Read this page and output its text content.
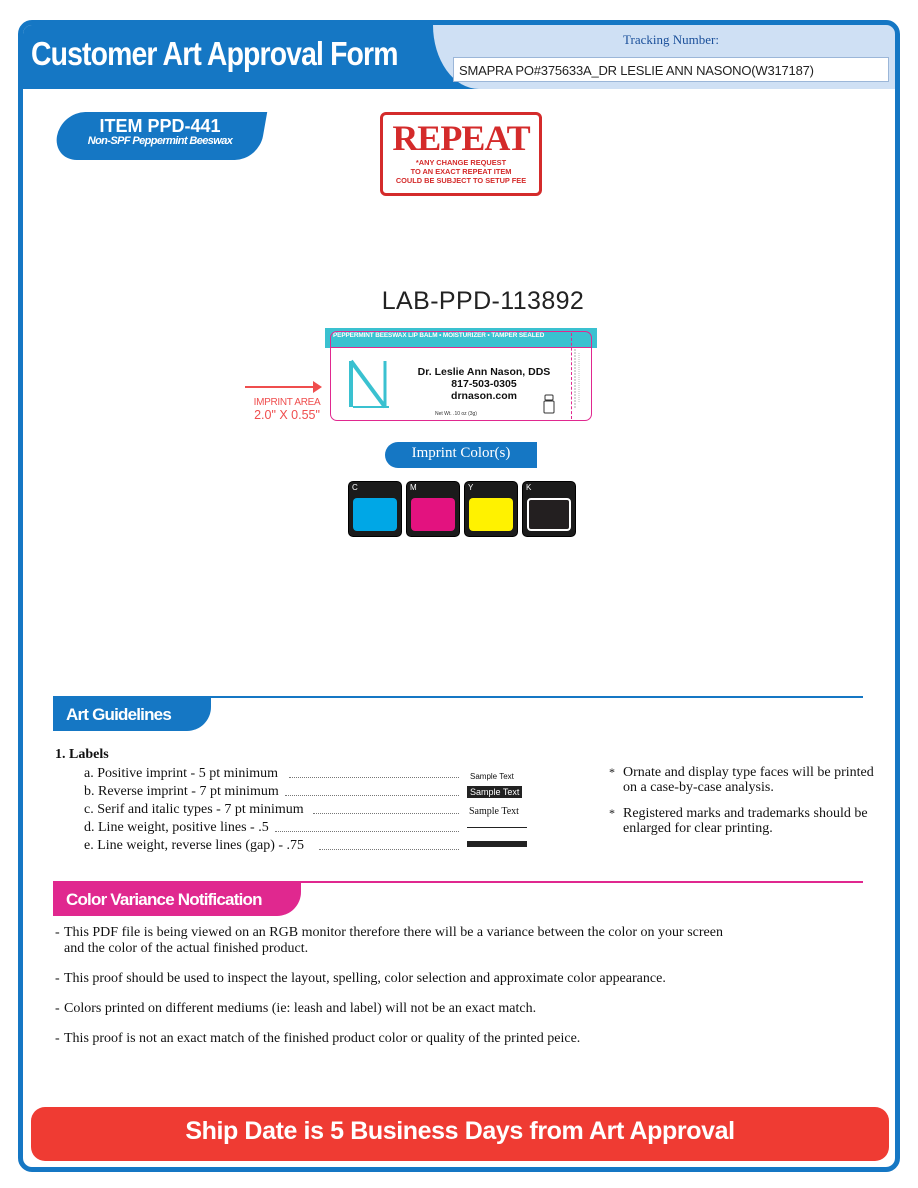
Customer Art Approval Form	Tracking Number:
SMAPRA PO#375633A_DR LESLIE ANN NASONO(W317187)
ITEM PPD-441
Non-SPF Peppermint Beeswax	REPEAT
*ANY CHANGE REQUEST
TO AN EXACT REPEAT ITEM
COULD BE SUBJECT TO SETUP FEE
LAB-PPD-113892
PEPPERMINT BEESWAX LIP BALM • MOISTURIZER • TAMPER SEALED
Dr. Leslie Ann Nason, DDS
817-503-0305
drnason.com
Net Wt. .10 oz (3g)
IMPRINT AREA
2.0" X 0.55"
Imprint Color(s)
C	M	Y	K
Art Guidelines
1. Labels
a. Positive imprint - 5 pt minimum	Sample Text
b. Reverse imprint - 7 pt minimum	Sample Text
c. Serif and italic types - 7 pt minimum	Sample Text
d. Line weight, positive lines - .5
e. Line weight, reverse lines (gap) - .75
* Ornate and display type faces will be printed on a case-by-case analysis.
* Registered marks and trademarks should be enlarged for clear printing.
Color Variance Notification
- This PDF file is being viewed on an RGB monitor therefore there will be a variance between the color on your screen and the color of the actual finished product.
- This proof should be used to inspect the layout, spelling, color selection and approximate color appearance.
- Colors printed on different mediums (ie: leash and label) will not be an exact match.
- This proof is not an exact match of the finished product color or quality of the printed peice.
Ship Date is 5 Business Days from Art Approval
